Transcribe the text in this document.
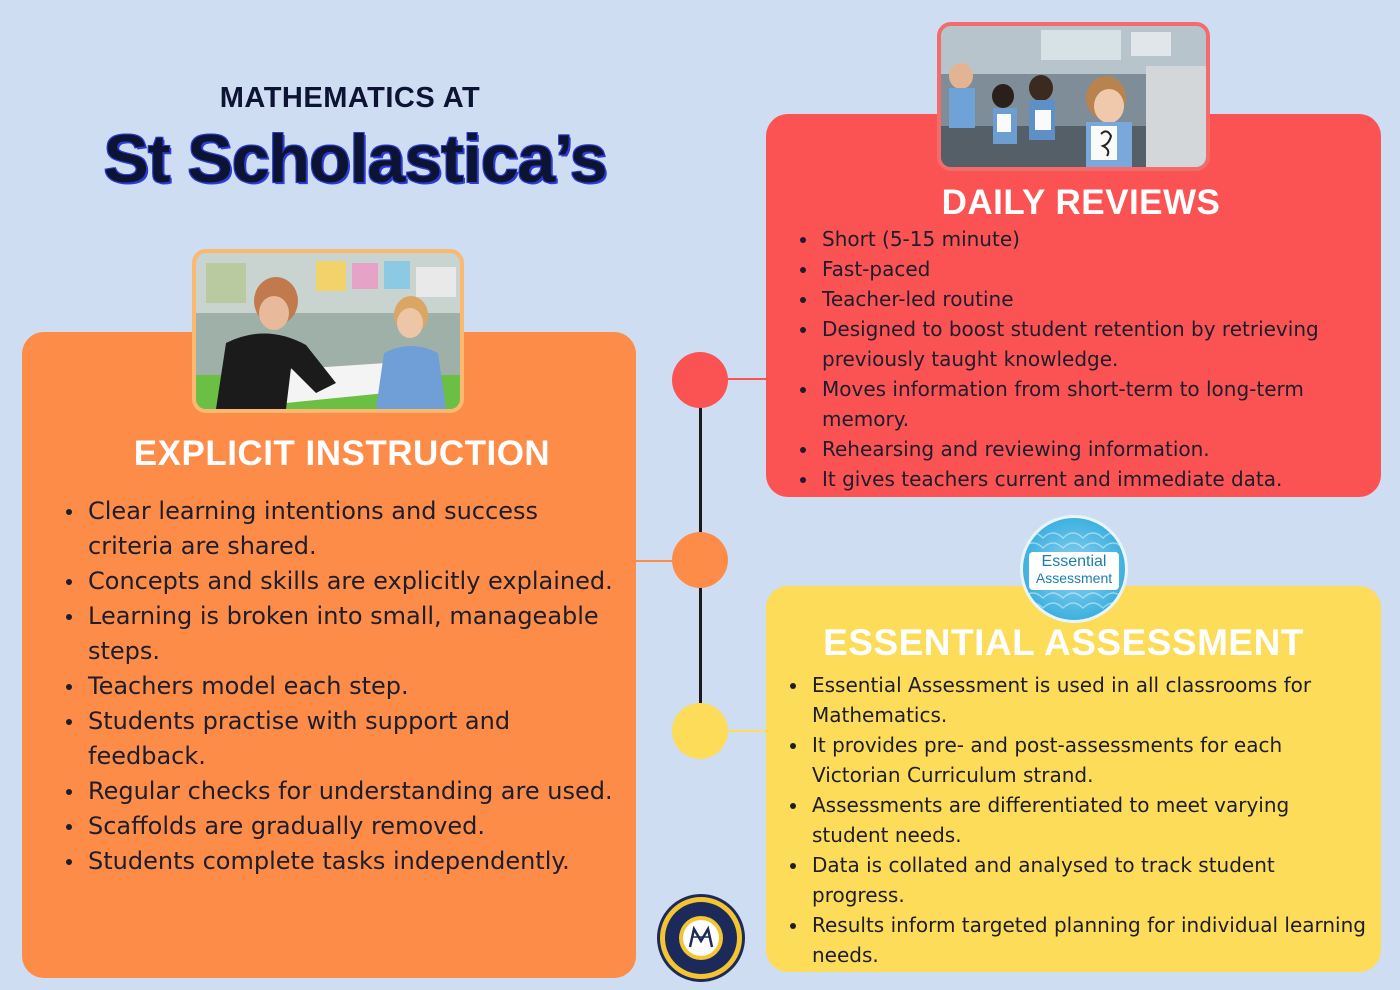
MATHEMATICS AT
St Scholastica’s
EXPLICIT INSTRUCTION
Clear learning intentions and success criteria are shared.
Concepts and skills are explicitly explained.
Learning is broken into small, manageable steps.
Teachers model each step.
Students practise with support and feedback.
Regular checks for understanding are used.
Scaffolds are gradually removed.
Students complete tasks independently.
DAILY REVIEWS
Short (5-15 minute)
Fast-paced
Teacher-led routine
Designed to boost student retention by retrieving previously taught knowledge.
Moves information from short-term to long-term memory.
Rehearsing and reviewing information.
It gives teachers current and immediate data.
Essential
Assessment
ESSENTIAL ASSESSMENT
Essential Assessment is used in all classrooms for Mathematics.
It provides pre- and post-assessments for each Victorian Curriculum strand.
Assessments are differentiated to meet varying student needs.
Data is collated and analysed to track student progress.
Results inform targeted planning for individual learning needs.
